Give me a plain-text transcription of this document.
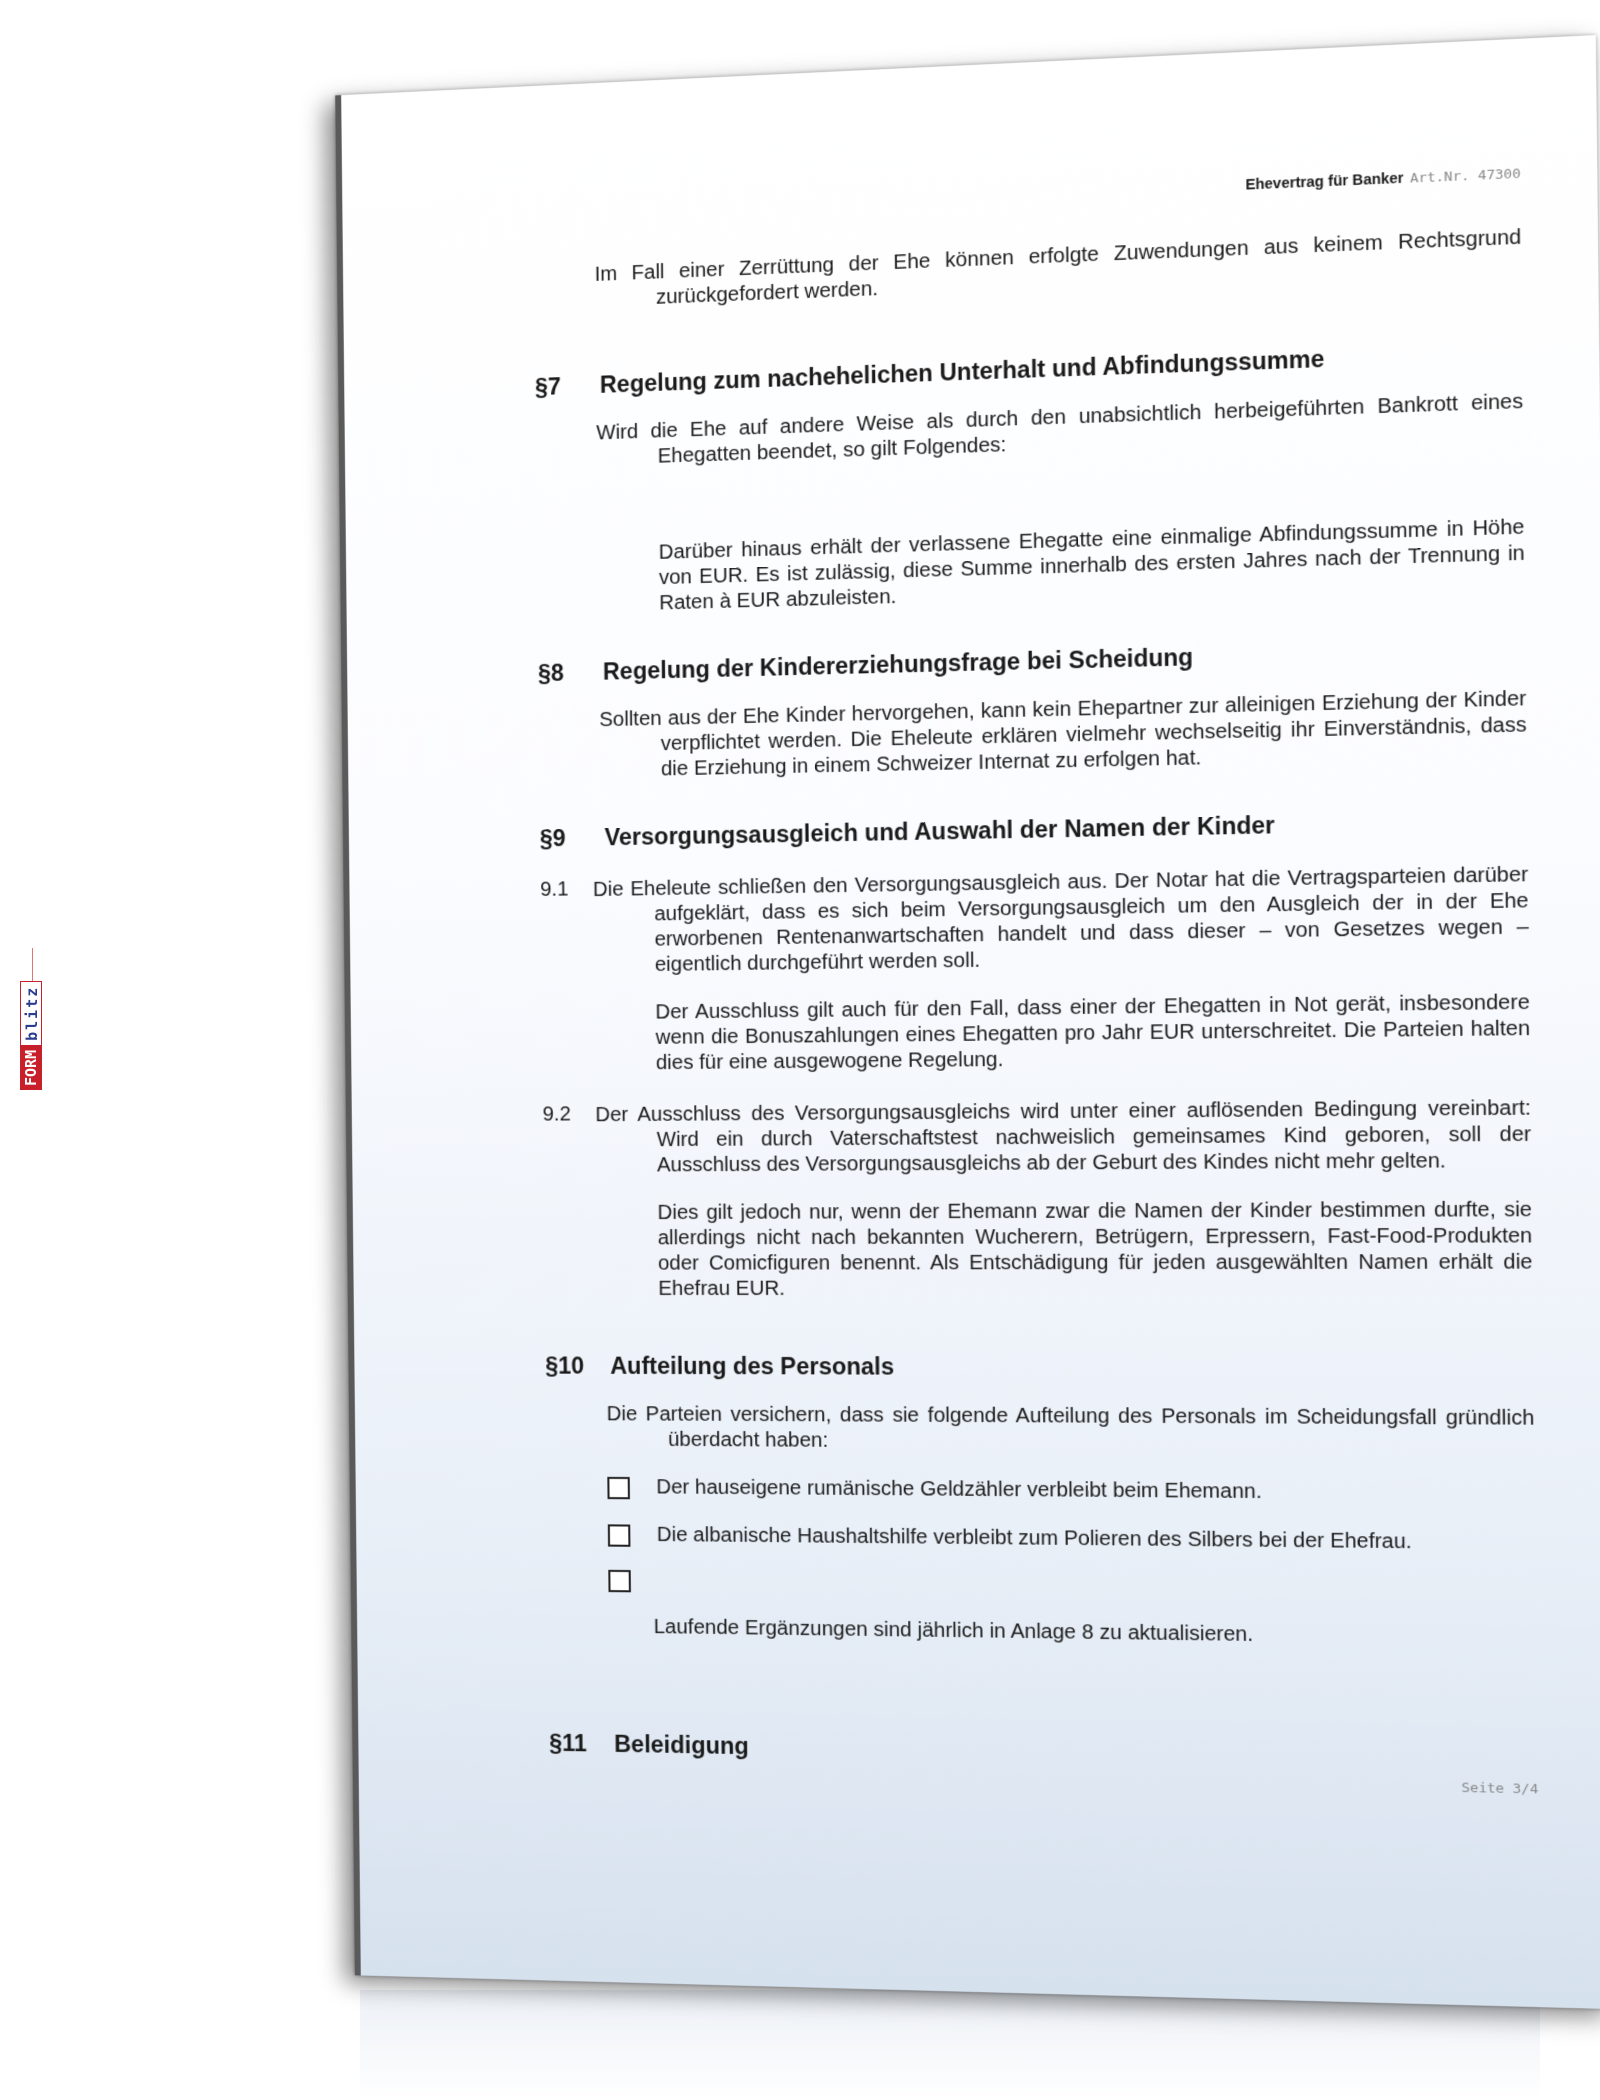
FORM
blitz
Ehevertrag für Banker Art.Nr. 47300

Im Fall einer Zerrüttung der Ehe können erfolgte Zuwendungen aus keinem Rechtsgrund zurückgefordert werden.

§7	Regelung zum nachehelichen Unterhalt und Abfindungssumme

Wird die Ehe auf andere Weise als durch den unabsichtlich herbeigeführten Bankrott eines Ehegatten beendet, so gilt Folgendes:

Darüber hinaus erhält der verlassene Ehegatte eine einmalige Abfindungssumme in Höhe von EUR. Es ist zulässig, diese Summe innerhalb des ersten Jahres nach der Trennung in Raten à EUR abzuleisten.

§8	Regelung der Kindererziehungsfrage bei Scheidung

Sollten aus der Ehe Kinder hervorgehen, kann kein Ehepartner zur alleinigen Erziehung der Kinder verpflichtet werden. Die Eheleute erklären vielmehr wechselseitig ihr Einverständnis, dass die Erziehung in einem Schweizer Internat zu erfolgen hat.

§9	Versorgungsausgleich und Auswahl der Namen der Kinder
9.1	Die Eheleute schließen den Versorgungsausgleich aus. Der Notar hat die Vertragsparteien darüber aufgeklärt, dass es sich beim Versorgungsausgleich um den Ausgleich der in der Ehe erworbenen Rentenanwartschaften handelt und dass dieser – von Gesetzes wegen – eigentlich durchgeführt werden soll.

Der Ausschluss gilt auch für den Fall, dass einer der Ehegatten in Not gerät, insbesondere wenn die Bonuszahlungen eines Ehegatten pro Jahr EUR unterschreitet. Die Parteien halten dies für eine ausgewogene Regelung.

9.2	Der Ausschluss des Versorgungsausgleichs wird unter einer auflösenden Bedingung vereinbart: Wird ein durch Vaterschaftstest nachweislich gemeinsames Kind geboren, soll der Ausschluss des Versorgungsausgleichs ab der Geburt des Kindes nicht mehr gelten.

Dies gilt jedoch nur, wenn der Ehemann zwar die Namen der Kinder bestimmen durfte, sie allerdings nicht nach bekannten Wucherern, Betrügern, Erpressern, Fast-Food-Produkten oder Comicfiguren benennt. Als Entschädigung für jeden ausgewählten Namen erhält die Ehefrau EUR.

§10 Aufteilung des Personals

Die Parteien versichern, dass sie folgende Aufteilung des Personals im Scheidungsfall gründlich überdacht haben:

Der hauseigene rumänische Geldzähler verbleibt beim Ehemann.
Die albanische Haushaltshilfe verbleibt zum Polieren des Silbers bei der Ehefrau.

Laufende Ergänzungen sind jährlich in Anlage 8 zu aktualisieren.

§11 Beleidigung
Seite 3/4
